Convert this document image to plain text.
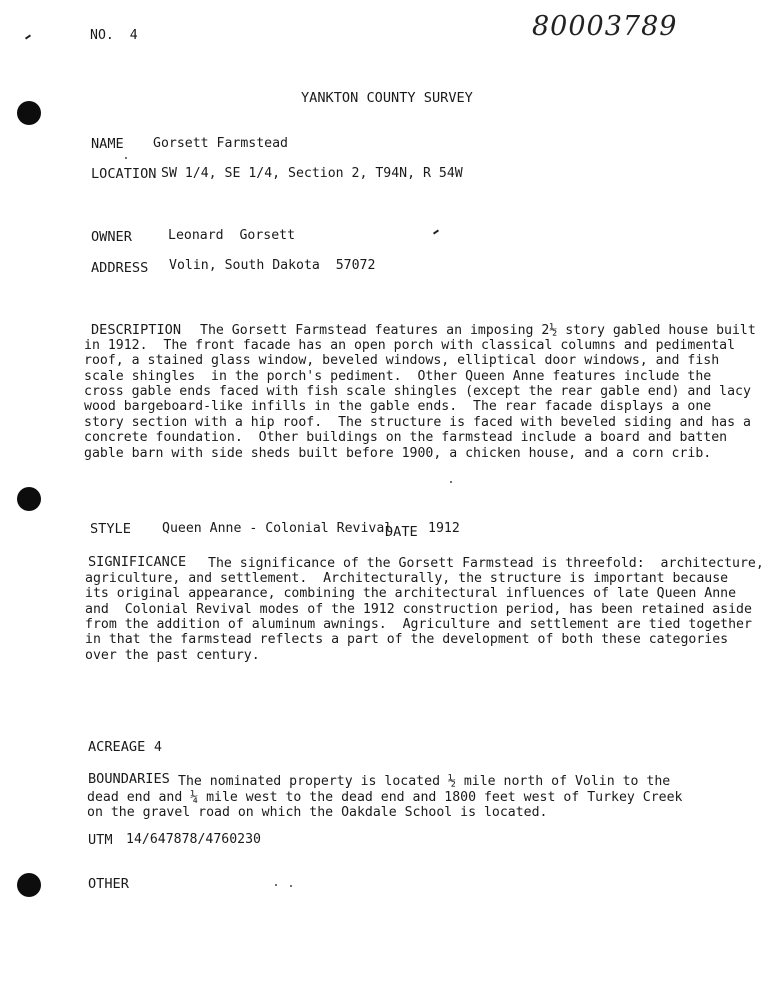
NO.  4	80003789
YANKTON COUNTY SURVEY
NAME Gorsett Farmstead
LOCATION SW 1/4, SE 1/4, Section 2, T94N, R 54W
OWNER	Leonard  Gorsett
ADDRESS Volin, South Dakota  57072
DESCRIPTION The Gorsett Farmstead features an imposing 2½ story gabled house built
in 1912.  The front facade has an open porch with classical columns and pedimental
roof, a stained glass window, beveled windows, elliptical door windows, and fish
scale shingles  in the porch's pediment.  Other Queen Anne features include the
cross gable ends faced with fish scale shingles (except the rear gable end) and lacy
wood bargeboard-like infills in the gable ends.  The rear facade displays a one
story section with a hip roof.  The structure is faced with beveled siding and has a
concrete foundation.  Other buildings on the farmstead include a board and batten
gable barn with side sheds built before 1900, a chicken house, and a corn crib.
STYLE Queen Anne - Colonial Revival
DATE 1912
SIGNIFICANCE The significance of the Gorsett Farmstead is threefold:  architecture,
agriculture, and settlement.  Architecturally, the structure is important because
its original appearance, combining the architectural influences of late Queen Anne
and  Colonial Revival modes of the 1912 construction period, has been retained aside
from the addition of aluminum awnings.  Agriculture and settlement are tied together
in that the farmstead reflects a part of the development of both these categories
over the past century.
ACREAGE 4
BOUNDARIES The nominated property is located ½ mile north of Volin to the
dead end and ¼ mile west to the dead end and 1800 feet west of Turkey Creek
on the gravel road on which the Oakdale School is located.
UTM 14/647878/4760230
OTHER
